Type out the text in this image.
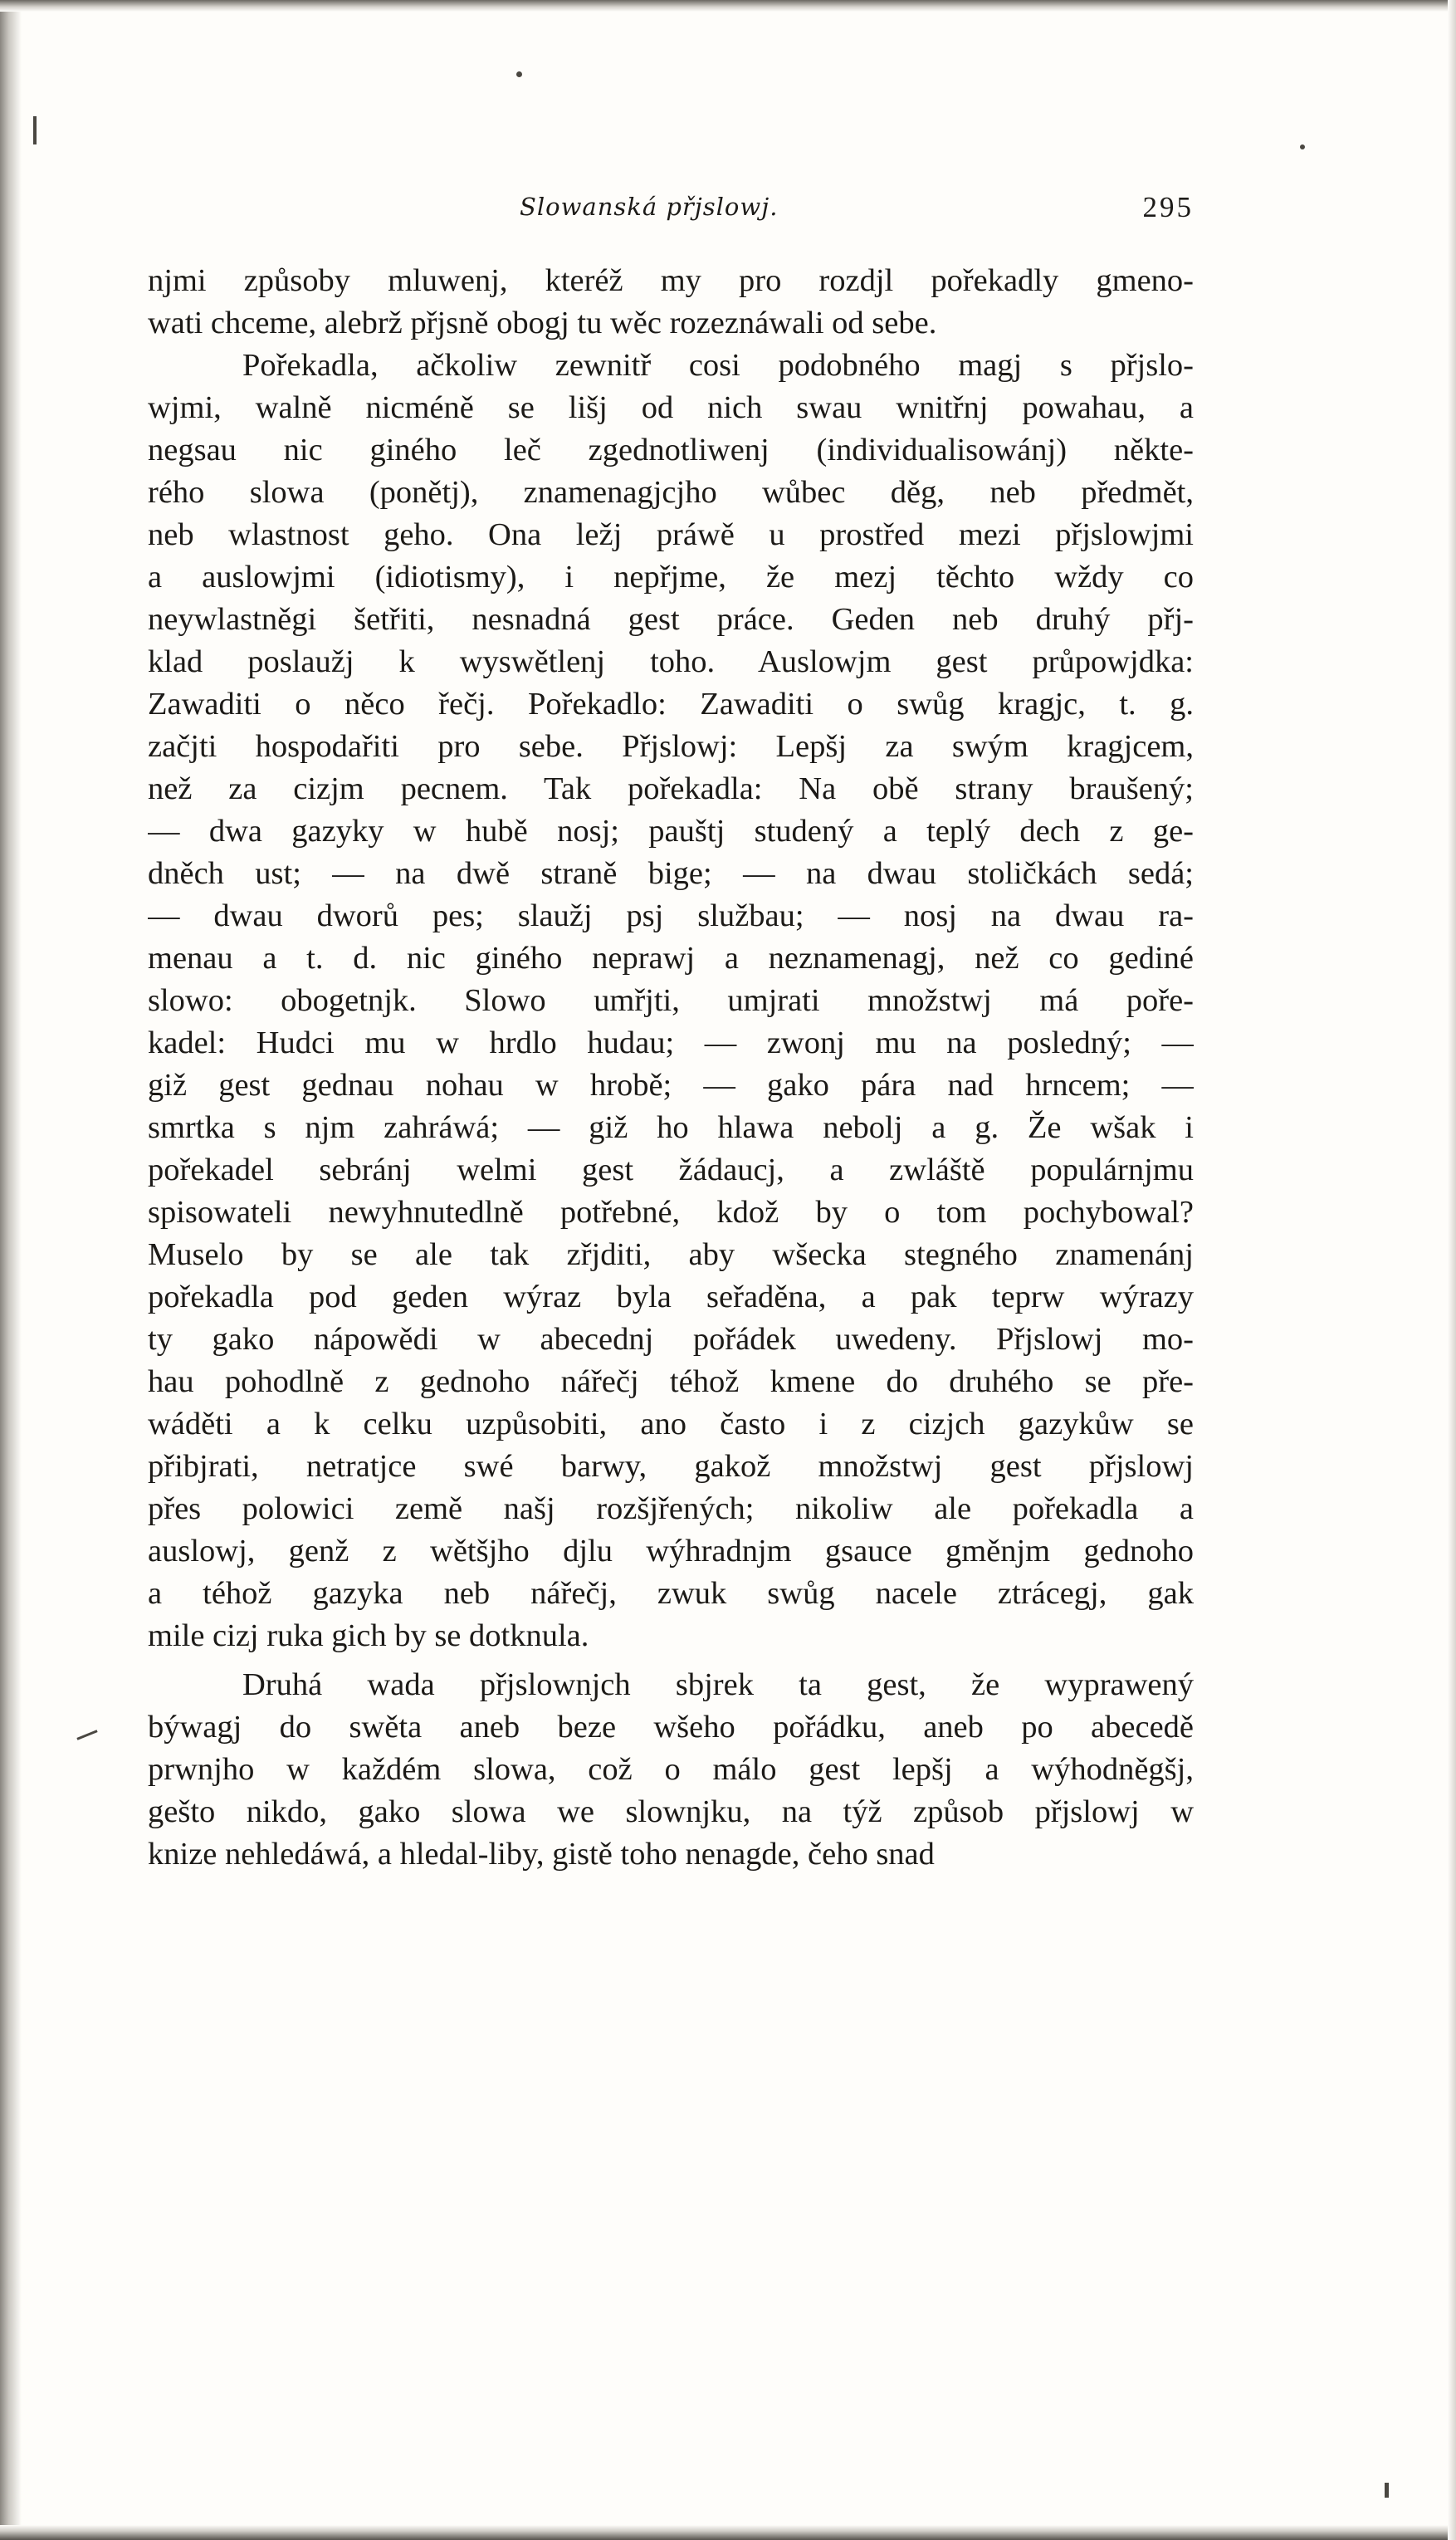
Slowanská přjslowj.	295
njmi způsoby mluwenj, kteréž my pro rozdjl pořekadly gmeno-
wati chceme, alebrž přjsně obogj tu wěc rozeznáwali od sebe.
Pořekadla, ačkoliw zewnitř cosi podobného magj s přjslo-
wjmi, walně nicméně se lišj od nich swau wnitřnj powahau, a
negsau nic giného leč zgednotliwenj (individualisowánj) někte-
rého slowa (ponětj), znamenagjcjho wůbec děg, neb předmět,
neb wlastnost geho. Ona ležj práwě u prostřed mezi přjslowjmi
a auslowjmi (idiotismy), i nepřjme, že mezj těchto wždy co
neywlastněgi šetřiti, nesnadná gest práce. Geden neb druhý přj-
klad poslaužj k wyswětlenj toho. Auslowjm gest průpowjdka:
Zawaditi o něco řečj. Pořekadlo: Zawaditi o swůg kragjc, t. g.
začjti hospodařiti pro sebe. Přjslowj: Lepšj za swým kragjcem,
než za cizjm pecnem. Tak pořekadla: Na obě strany braušený;
— dwa gazyky w hubě nosj; pauštj studený a teplý dech z ge-
dněch ust; — na dwě straně bige; — na dwau stoličkách sedá;
— dwau dworů pes; slaužj psj službau; — nosj na dwau ra-
menau a t. d. nic giného neprawj a neznamenagj, než co gediné
slowo: obogetnjk. Slowo umřjti, umjrati množstwj má poře-
kadel: Hudci mu w hrdlo hudau; — zwonj mu na posledný; —
giž gest gednau nohau w hrobě; — gako pára nad hrncem; —
smrtka s njm zahráwá; — giž ho hlawa nebolj a g. Že wšak i
pořekadel sebránj welmi gest žádaucj, a zwláště populárnjmu
spisowateli newyhnutedlně potřebné, kdož by o tom pochybowal?
Muselo by se ale tak zřjditi, aby wšecka stegného znamenánj
pořekadla pod geden wýraz byla seřaděna, a pak teprw wýrazy
ty gako nápowědi w abecednj pořádek uwedeny. Přjslowj mo-
hau pohodlně z gednoho nářečj téhož kmene do druhého se pře-
wáděti a k celku uzpůsobiti, ano často i z cizjch gazykůw se
přibjrati, netratjce swé barwy, gakož množstwj gest přjslowj
přes polowici země našj rozšjřených; nikoliw ale pořekadla a
auslowj, genž z wětšjho djlu wýhradnjm gsauce gměnjm gednoho
a téhož gazyka neb nářečj, zwuk swůg nacele ztrácegj, gak
mile cizj ruka gich by se dotknula.
Druhá wada přjslownjch sbjrek ta gest, že wyprawený
býwagj do swěta aneb beze wšeho pořádku, aneb po abecedě
prwnjho w každém slowa, což o málo gest lepšj a wýhodněgšj,
gešto nikdo, gako slowa we slownjku, na týž způsob přjslowj w
knize nehledáwá, a hledal-liby, gistě toho nenagde, čeho snad
